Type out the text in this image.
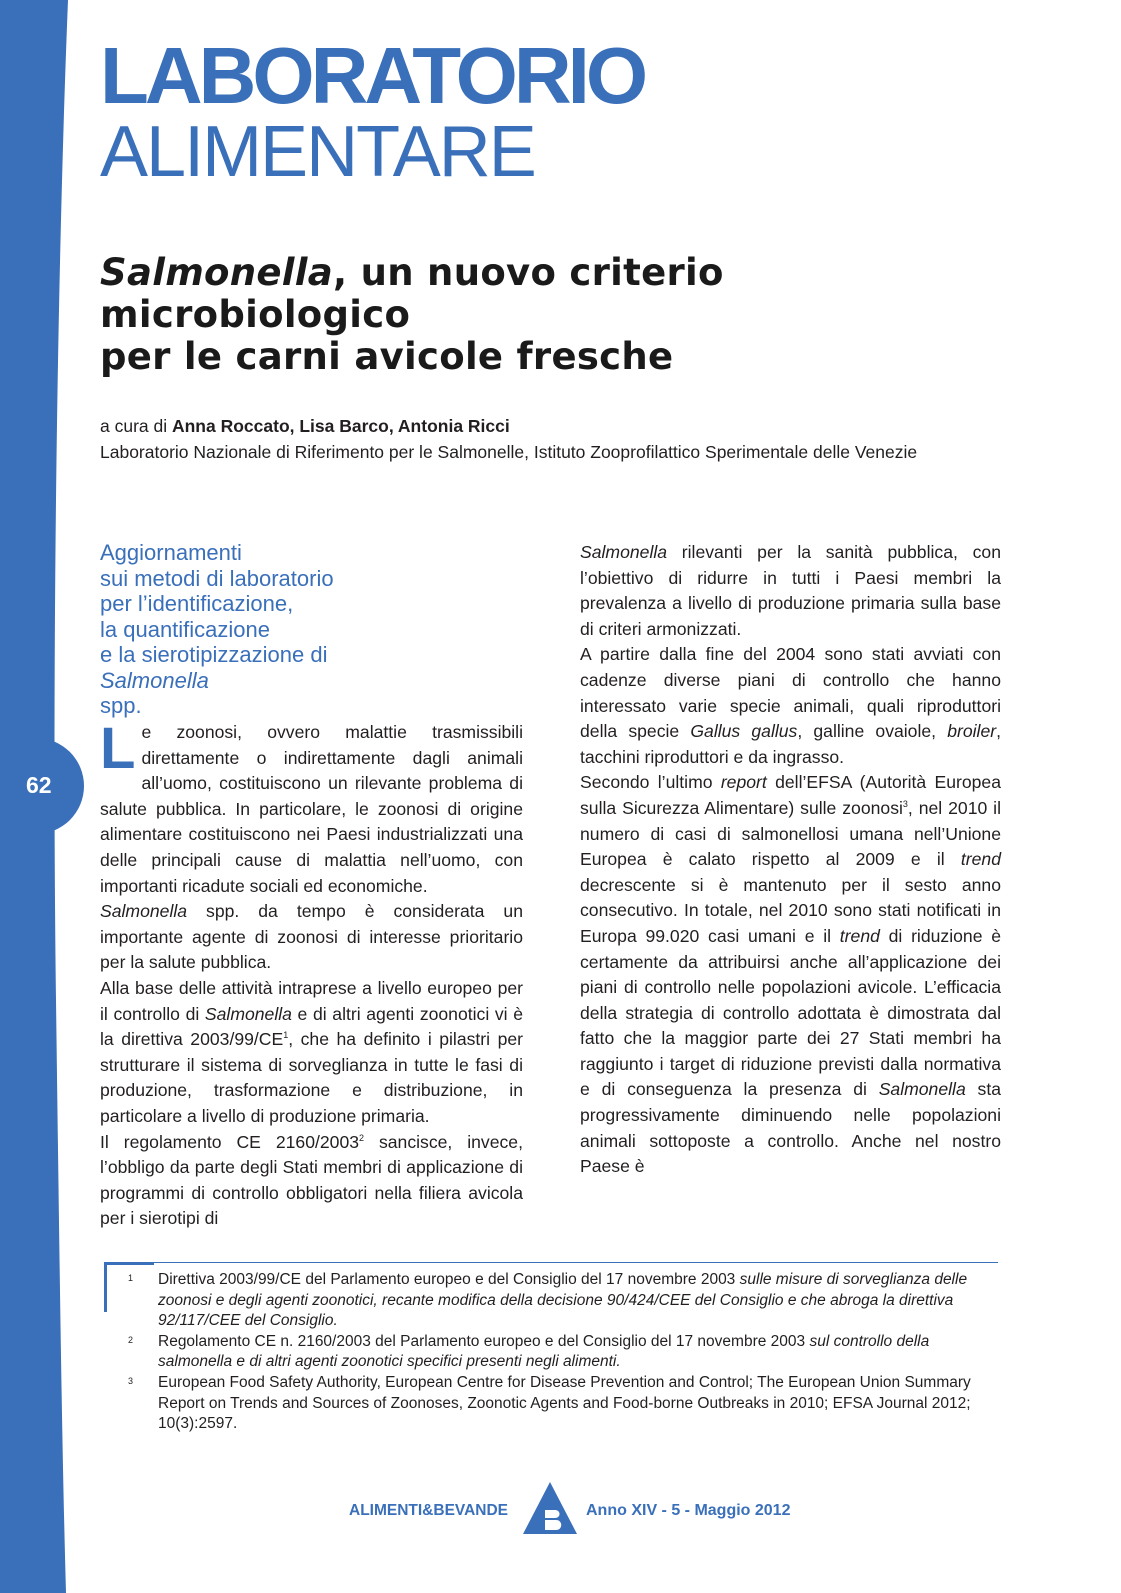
62
LABORATORIO
ALIMENTARE
Salmonella, un nuovo criterio
microbiologico
per le carni avicole fresche
a cura di Anna Roccato, Lisa Barco, Antonia Ricci
Laboratorio Nazionale di Riferimento per le Salmonelle, Istituto Zooprofilattico Sperimentale delle Venezie
Aggiornamenti
sui metodi di laboratorio
per l’identificazione,
la quantificazione
e la sierotipizzazione di
Salmonella
spp.

Le zoonosi, ovvero malattie trasmissibili direttamente o indirettamente dagli animali all’uomo, costituiscono un rilevante problema di salute pubblica. In particolare, le zoonosi di origine alimentare costituiscono nei Paesi industrializzati una delle principali cause di malattia nell’uomo, con importanti ricadute sociali ed economiche.

Salmonella spp. da tempo è considerata un importante agente di zoonosi di interesse prioritario per la salute pubblica.

Alla base delle attività intraprese a livello europeo per il controllo di Salmonella e di altri agenti zoonotici vi è la direttiva $2003/99/CE^1$, che ha definito i pilastri per strutturare il sistema di sorveglianza in tutte le fasi di produzione, trasformazione e distribuzione, in particolare a livello di produzione primaria.

Il regolamento CE 2160/2003$^2$ sancisce, invece, l’obbligo da parte degli Stati membri di applicazione di programmi di controllo obbligatori nella filiera avicola per i sierotipi di

Salmonella rilevanti per la sanità pubblica, con l’obiettivo di ridurre in tutti i Paesi membri la prevalenza a livello di produzione primaria sulla base di criteri armonizzati.

A partire dalla fine del 2004 sono stati avviati con cadenze diverse piani di controllo che hanno interessato varie specie animali, quali riproduttori della specie Gallus gallus, galline ovaiole, broiler, tacchini riproduttori e da ingrasso.

Secondo l’ultimo report dell’EFSA (Autorità Europea sulla Sicurezza Alimentare) sulle zoonosi$^3$, nel 2010 il numero di casi di salmonellosi umana nell’Unione Europea è calato rispetto al 2009 e il trend decrescente si è mantenuto per il sesto anno consecutivo. In totale, nel 2010 sono stati notificati in Europa 99.020 casi umani e il trend di riduzione è certamente da attribuirsi anche all’applicazione dei piani di controllo nelle popolazioni avicole. L’efficacia della strategia di controllo adottata è dimostrata dal fatto che la maggior parte dei 27 Stati membri ha raggiunto i target di riduzione previsti dalla normativa e di conseguenza la presenza di Salmonella sta progressivamente diminuendo nelle popolazioni animali sottoposte a controllo. Anche nel nostro Paese è

1 Direttiva 2003/99/CE del Parlamento europeo e del Consiglio del 17 novembre 2003 sulle misure di sorveglianza delle zoonosi e degli agenti zoonotici, recante modifica della decisione 90/424/CEE del Consiglio e che abroga la direttiva 92/117/CEE del Consiglio.
2 Regolamento CE n. 2160/2003 del Parlamento europeo e del Consiglio del 17 novembre 2003 sul controllo della salmonella e di altri agenti zoonotici specifici presenti negli alimenti.
3 European Food Safety Authority, European Centre for Disease Prevention and Control; The European Union Summary Report on Trends and Sources of Zoonoses, Zoonotic Agents and Food-borne Outbreaks in 2010; EFSA Journal 2012; 10(3):2597.
ALIMENTI&BEVANDE	Anno XIV - 5 - Maggio 2012
